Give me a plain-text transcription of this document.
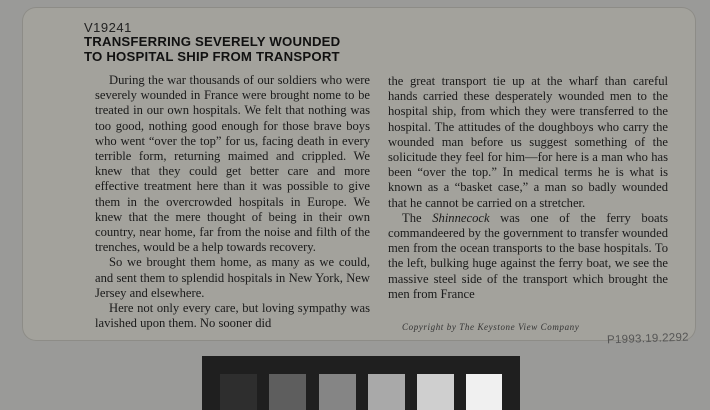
V19241
TRANSFERRING SEVERELY WOUNDED
TO HOSPITAL SHIP FROM TRANSPORT

During the war thousands of our soldiers who were severely wounded in France were brought nome to be treated in our own hospitals. We felt that nothing was too good, nothing good enough for those brave boys who went “over the top” for us, facing death in every terrible form, returning maimed and crippled. We knew that they could get better care and more effective treatment here than it was possible to give them in the overcrowded hospitals in Europe. We knew that the mere thought of being in their own country, near home, far from the noise and filth of the trenches, would be a help towards recovery.

So we brought them home, as many as we could, and sent them to splendid hospitals in New York, New Jersey and elsewhere.

Here not only every care, but loving sympathy was lavished upon them. No sooner did

the great transport tie up at the wharf than careful hands carried these desperately wounded men to the hospital ship, from which they were transferred to the hospital. The attitudes of the doughboys who carry the wounded man before us suggest something of the solicitude they feel for him—for here is a man who has been “over the top.” In medical terms he is what is known as a “basket case,” a man so badly wounded that he cannot be carried on a stretcher.

The Shinnecock was one of the ferry boats commandeered by the government to transfer wounded men from the ocean transports to the base hospitals. To the left, bulking huge against the ferry boat, we see the massive steel side of the transport which brought the men from France

Copyright by The Keystone View Company
P1993.19.2292
